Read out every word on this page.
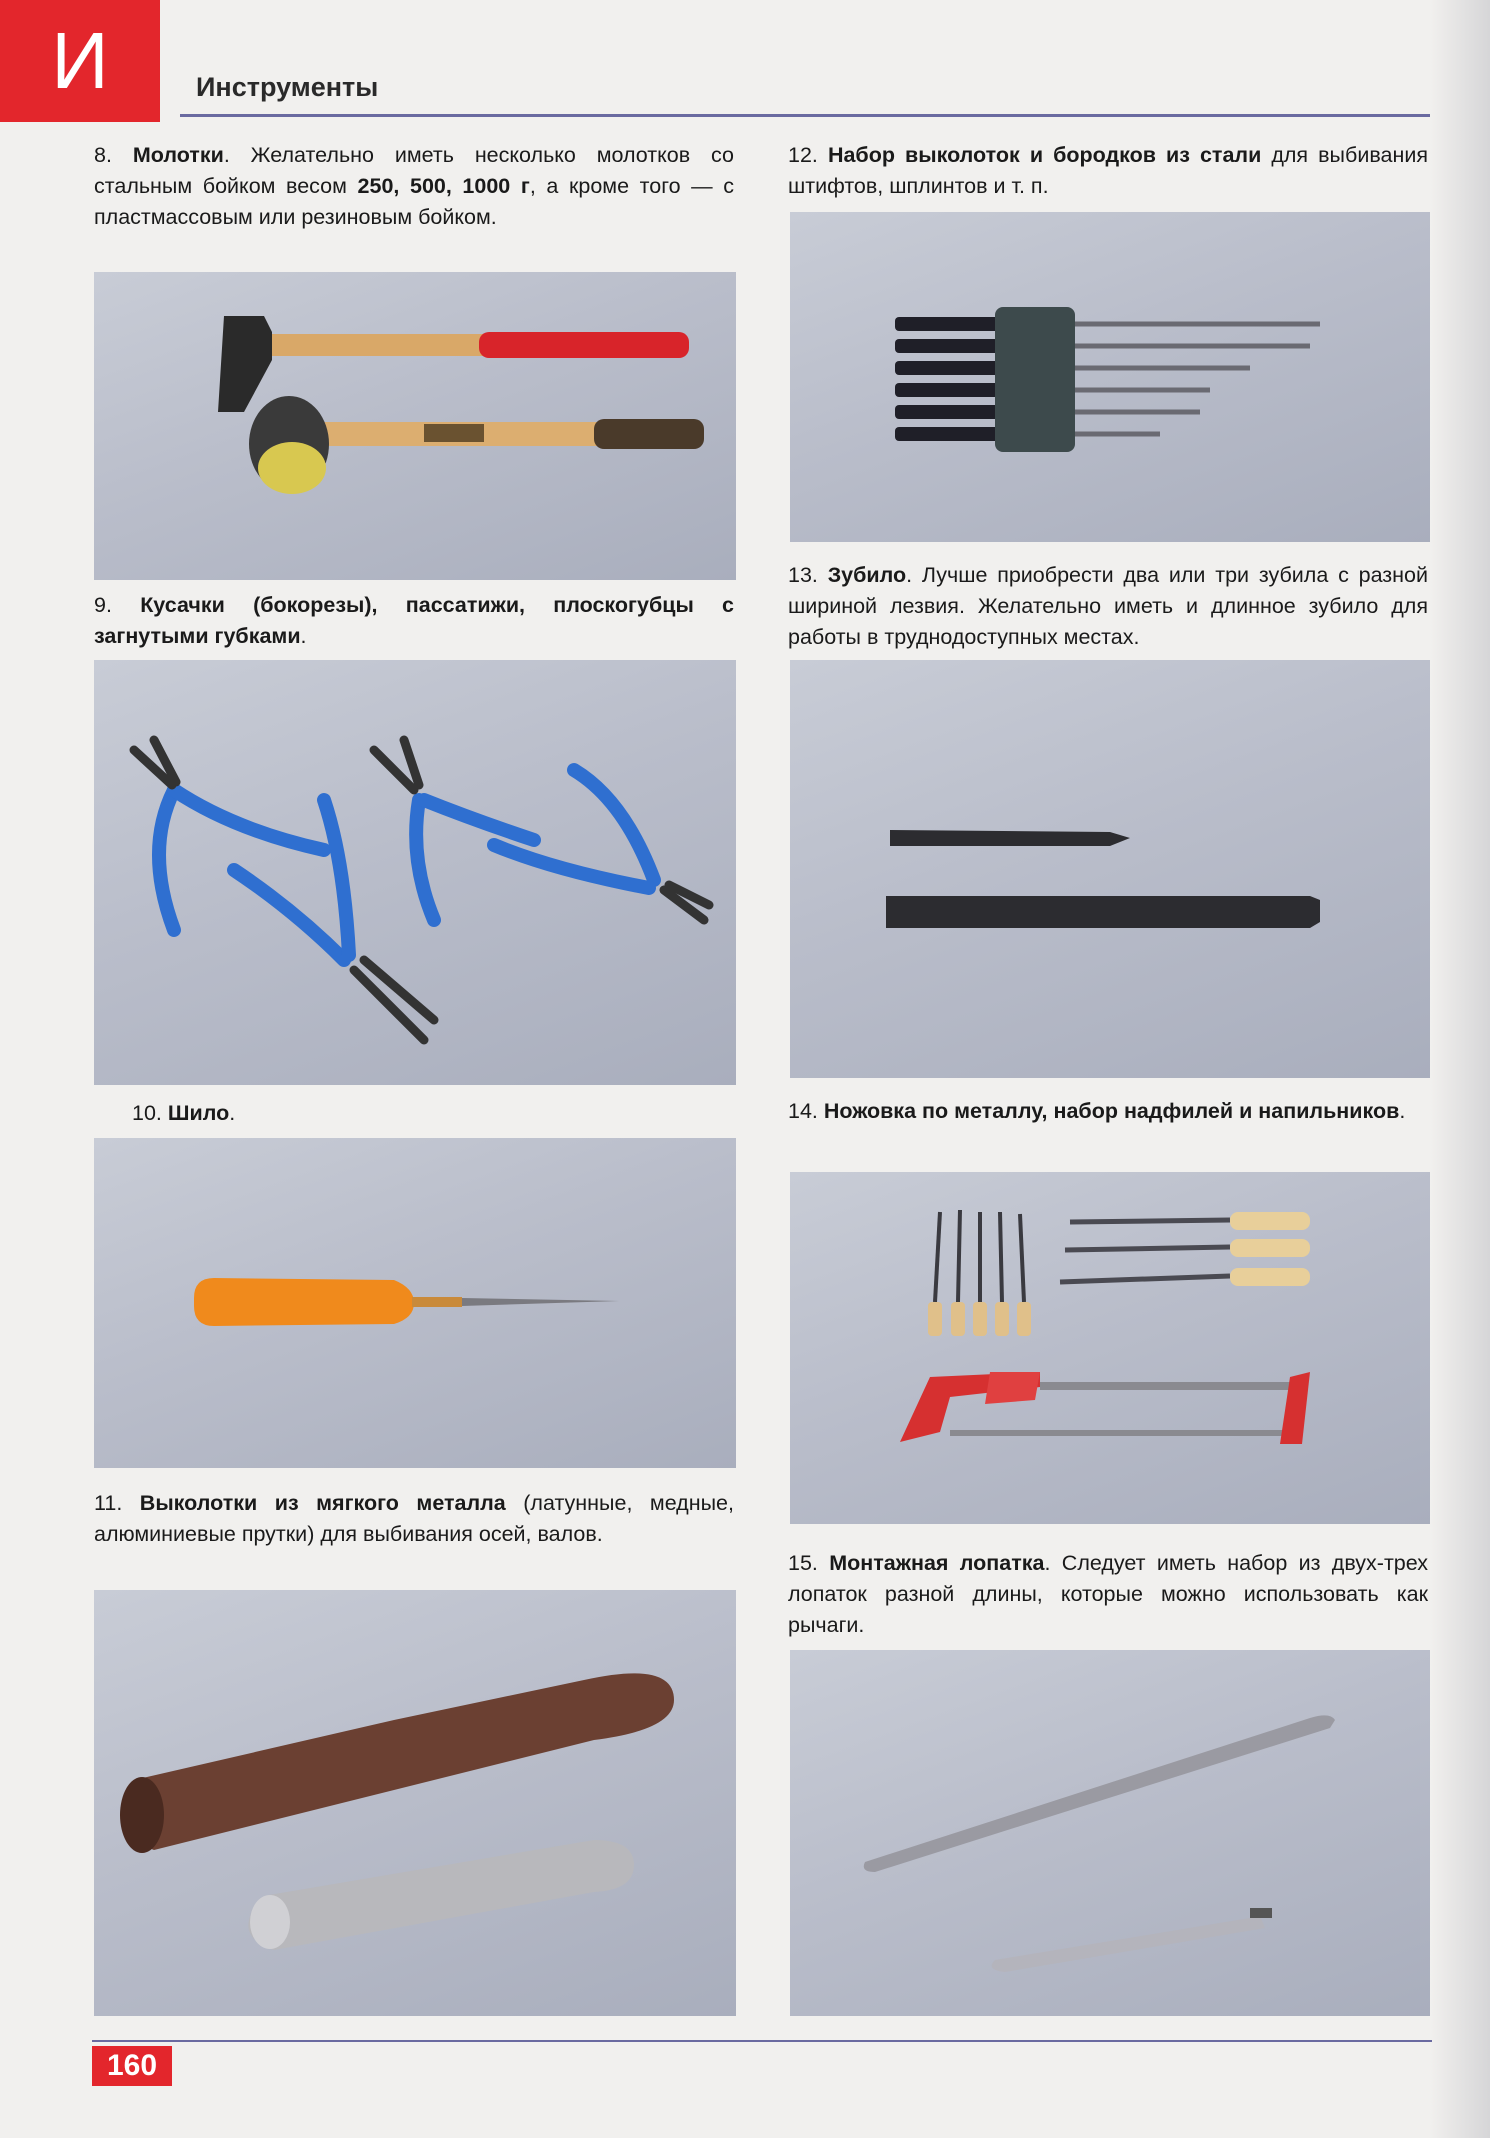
И	Инструменты
8. Молотки. Желательно иметь несколько молотков со стальным бойком весом 250, 500, 1000 г, а кроме того — с пластмассовым или резиновым бойком.
9. Кусачки (бокорезы), пассатижи, плоскогубцы с загнутыми губками.
10. Шило.
11. Выколотки из мягкого металла (латунные, медные, алюминиевые прутки) для выбивания осей, валов.
12. Набор выколоток и бородков из стали для выбивания штифтов, шплинтов и т. п.
13. Зубило. Лучше приобрести два или три зубила с разной шириной лезвия. Желательно иметь и длинное зубило для работы в труднодоступных местах.
14. Ножовка по металлу, набор надфилей и напильников.
15. Монтажная лопатка. Следует иметь набор из двух-трех лопаток разной длины, которые можно использовать как рычаги.
160
